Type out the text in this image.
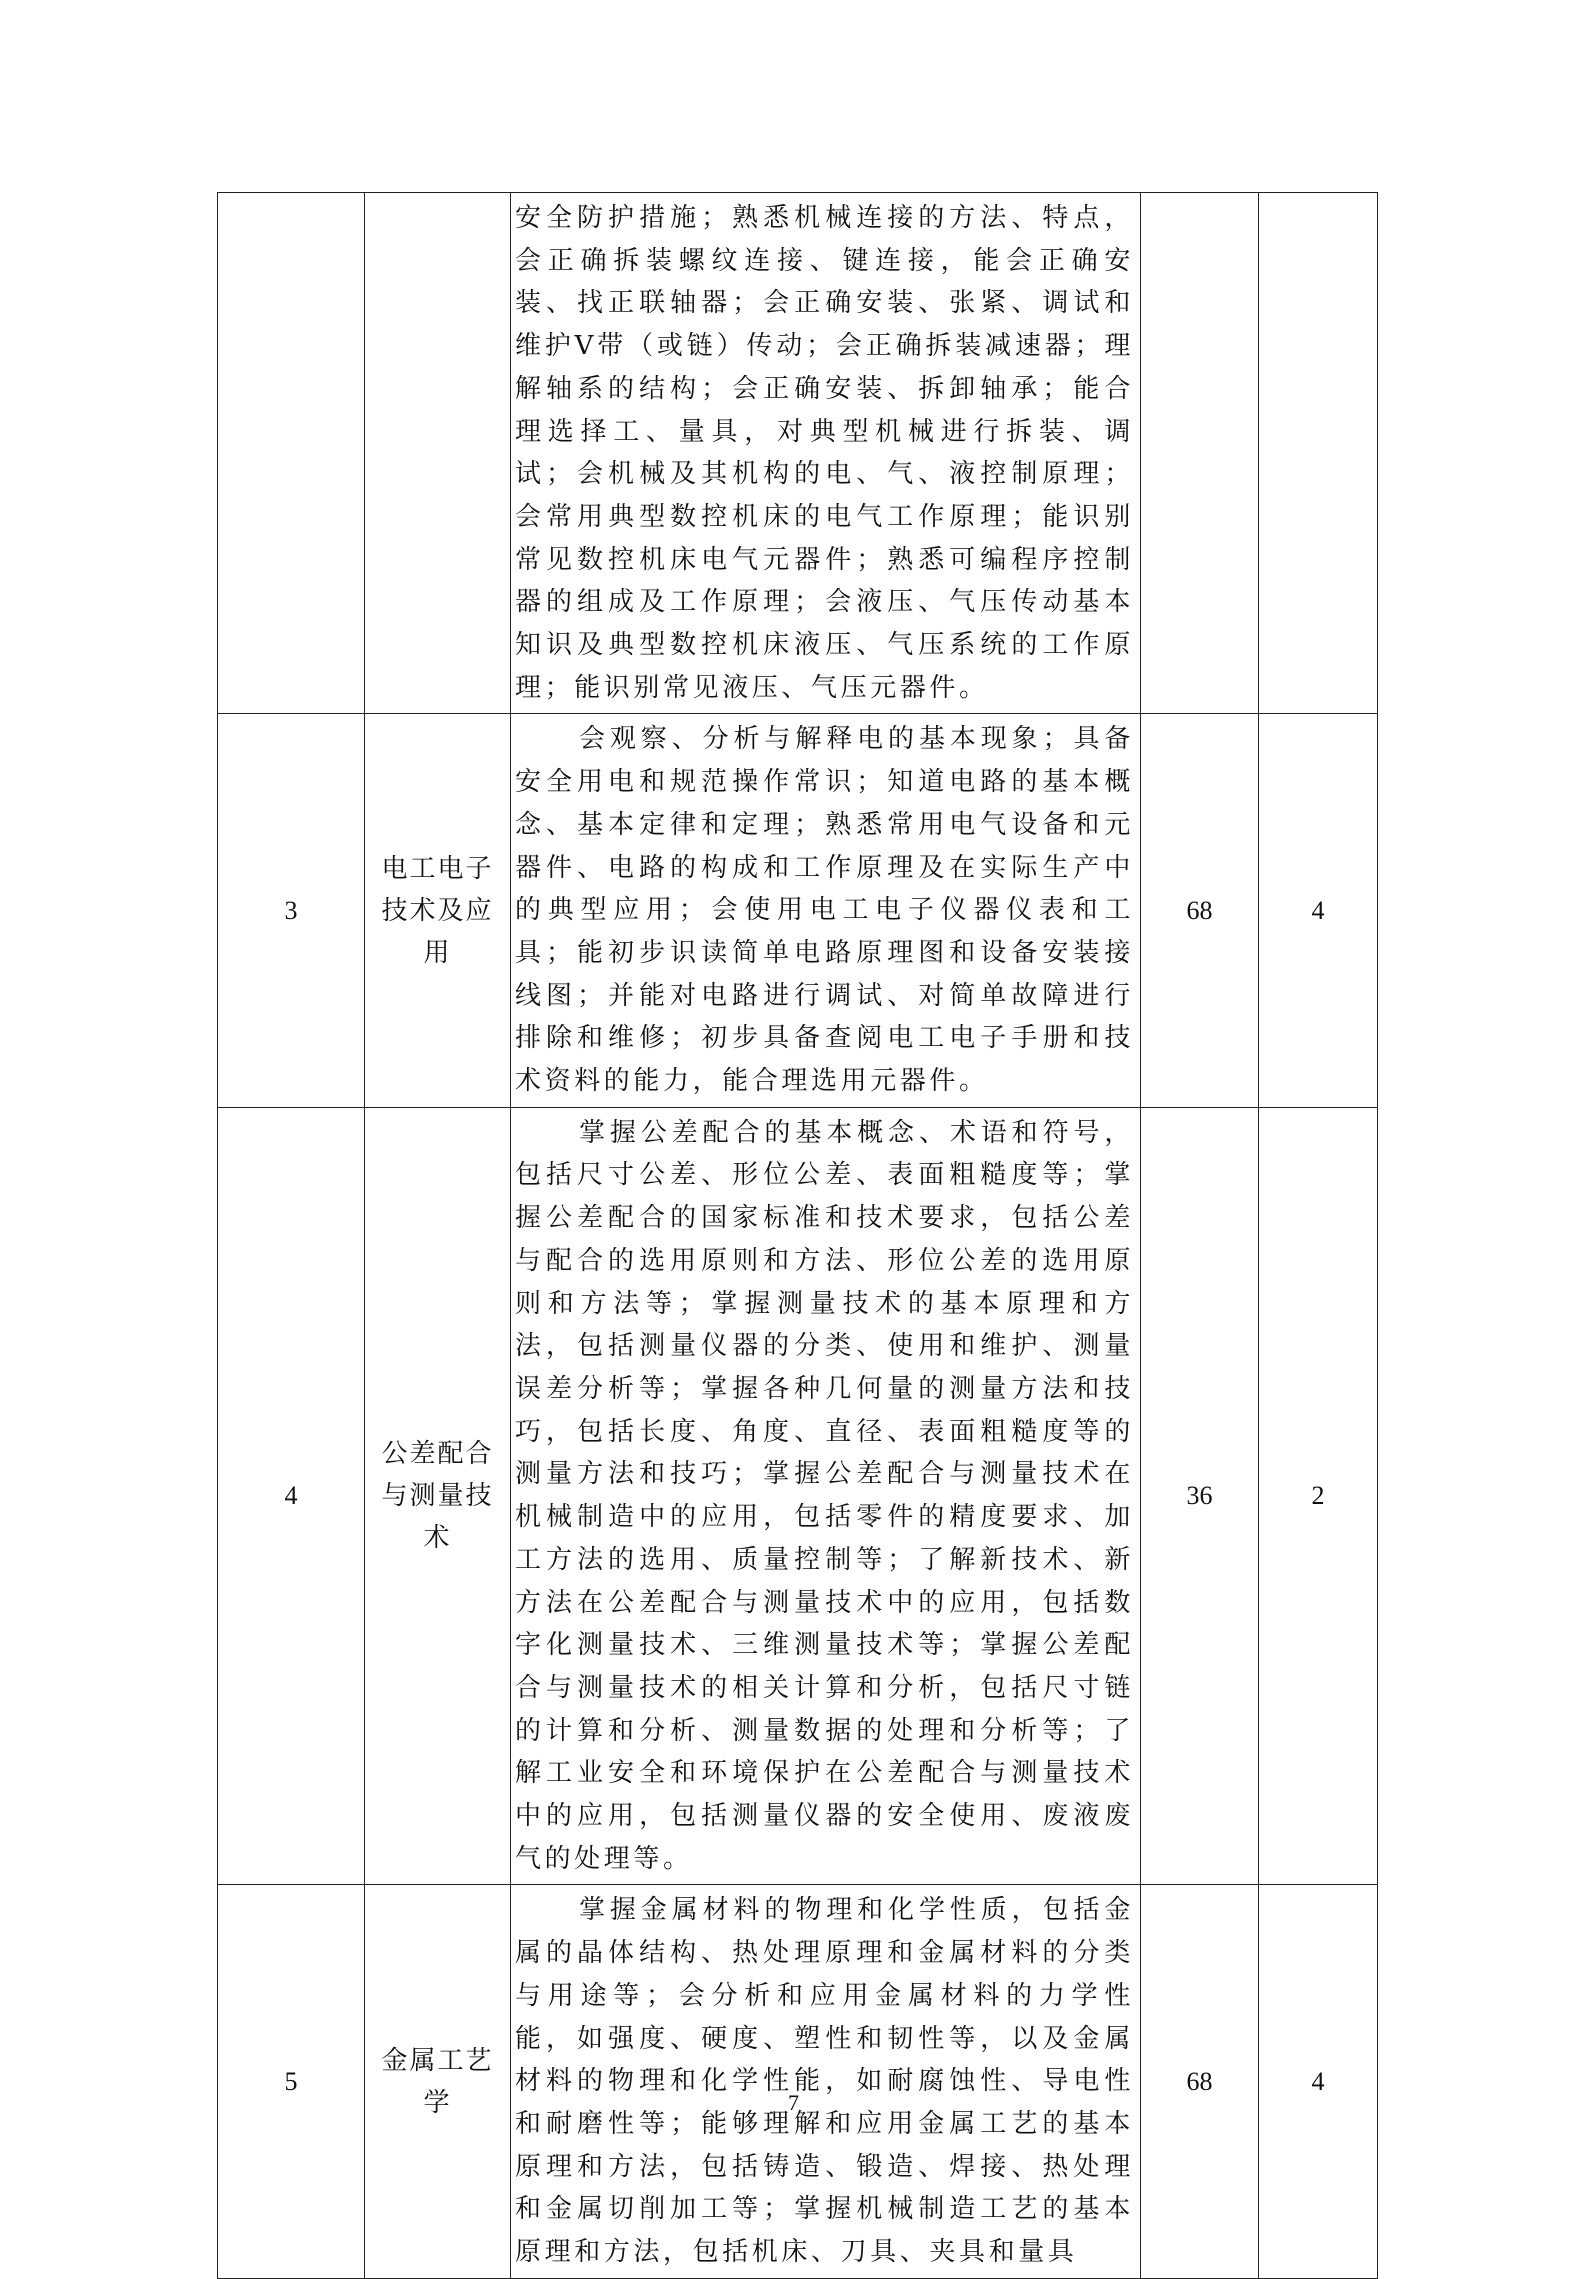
		安全防护措施；熟悉机械连接的方法、特点，会正确拆装螺纹连接、键连接，能会正确安装、找正联轴器；会正确安装、张紧、调试和维护V带（或链）传动；会正确拆装减速器；理解轴系的结构；会正确安装、拆卸轴承；能合理选择工、量具，对典型机械进行拆装、调试；会机械及其机构的电、气、液控制原理；会常用典型数控机床的电气工作原理；能识别常见数控机床电气元器件；熟悉可编程序控制器的组成及工作原理；会液压、气压传动基本知识及典型数控机床液压、气压系统的工作原理；能识别常见液压、气压元器件。		

3	电工电子技术及应用	会观察、分析与解释电的基本现象；具备安全用电和规范操作常识；知道电路的基本概念、基本定律和定理；熟悉常用电气设备和元器件、电路的构成和工作原理及在实际生产中的典型应用；会使用电工电子仪器仪表和工具；能初步识读简单电路原理图和设备安装接线图；并能对电路进行调试、对简单故障进行排除和维修；初步具备查阅电工电子手册和技术资料的能力，能合理选用元器件。	68	4
4	公差配合与测量技术	掌握公差配合的基本概念、术语和符号，包括尺寸公差、形位公差、表面粗糙度等；掌握公差配合的国家标准和技术要求，包括公差与配合的选用原则和方法、形位公差的选用原则和方法等；掌握测量技术的基本原理和方法，包括测量仪器的分类、使用和维护、测量误差分析等；掌握各种几何量的测量方法和技巧，包括长度、角度、直径、表面粗糙度等的测量方法和技巧；掌握公差配合与测量技术在机械制造中的应用，包括零件的精度要求、加工方法的选用、质量控制等；了解新技术、新方法在公差配合与测量技术中的应用，包括数字化测量技术、三维测量技术等；掌握公差配合与测量技术的相关计算和分析，包括尺寸链的计算和分析、测量数据的处理和分析等；了解工业安全和环境保护在公差配合与测量技术中的应用，包括测量仪器的安全使用、废液废气的处理等。	36	2
5	金属工艺学	掌握金属材料的物理和化学性质，包括金属的晶体结构、热处理原理和金属材料的分类与用途等；会分析和应用金属材料的力学性能，如强度、硬度、塑性和韧性等，以及金属材料的物理和化学性能，如耐腐蚀性、导电性和耐磨性等；能够理解和应用金属工艺的基本原理和方法，包括铸造、锻造、焊接、热处理和金属切削加工等；掌握机械制造工艺的基本原理和方法，包括机床、刀具、夹具和量具	68	4
7
